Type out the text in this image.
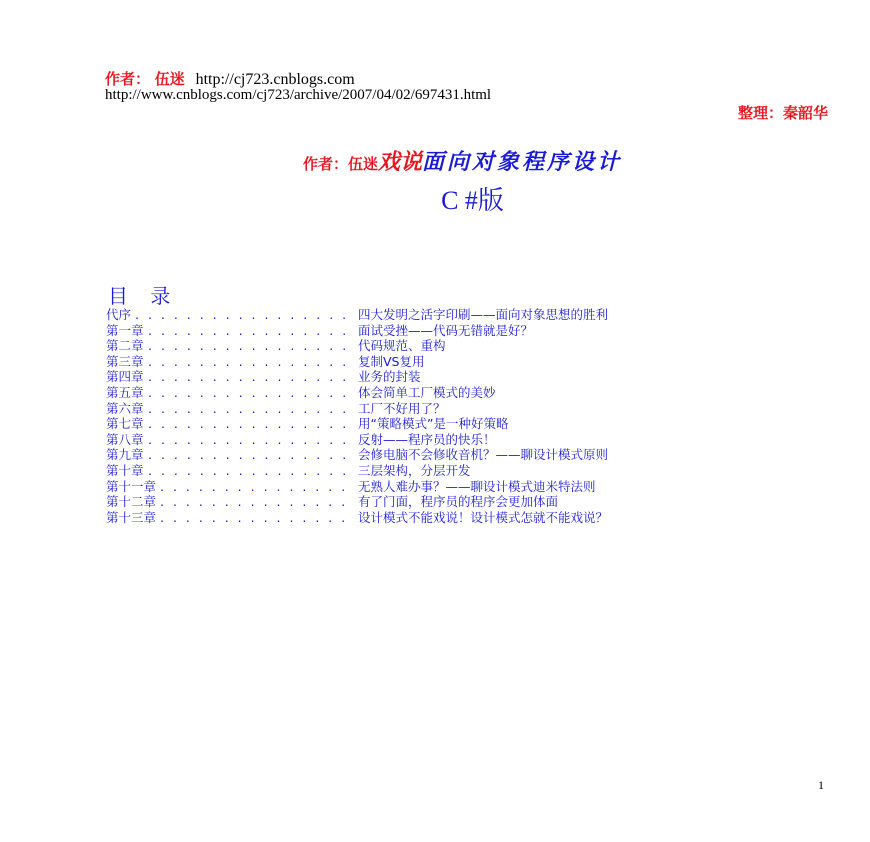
作者： 伍迷 http://cj723.cnblogs.com
http://www.cnblogs.com/cj723/archive/2007/04/02/697431.html
整理：秦韶华
作者：伍迷戏说面向对象程序设计
C #版
目 录
. . . . . . . . . . . . . . . . .
代序	四大发明之活字印刷——面向对象思想的胜利
. . . . . . . . . . . . . . . .
第一章	面试受挫——代码无错就是好？
. . . . . . . . . . . . . . . .
第二章	代码规范、重构
. . . . . . . . . . . . . . . .
第三章	复制VS复用
. . . . . . . . . . . . . . . .
第四章	业务的封装
. . . . . . . . . . . . . . . .
第五章	体会简单工厂模式的美妙
. . . . . . . . . . . . . . . .
第六章	工厂不好用了？
. . . . . . . . . . . . . . . .
第七章	用“策略模式”是一种好策略
. . . . . . . . . . . . . . . .
第八章	反射——程序员的快乐！
. . . . . . . . . . . . . . . .
第九章	会修电脑不会修收音机？——聊设计模式原则
. . . . . . . . . . . . . . . .
第十章	三层架构，分层开发
. . . . . . . . . . . . . . .
第十一章	无熟人难办事？——聊设计模式迪米特法则
. . . . . . . . . . . . . . .
第十二章	有了门面，程序员的程序会更加体面
. . . . . . . . . . . . . . .
第十三章	设计模式不能戏说！设计模式怎就不能戏说？
1
